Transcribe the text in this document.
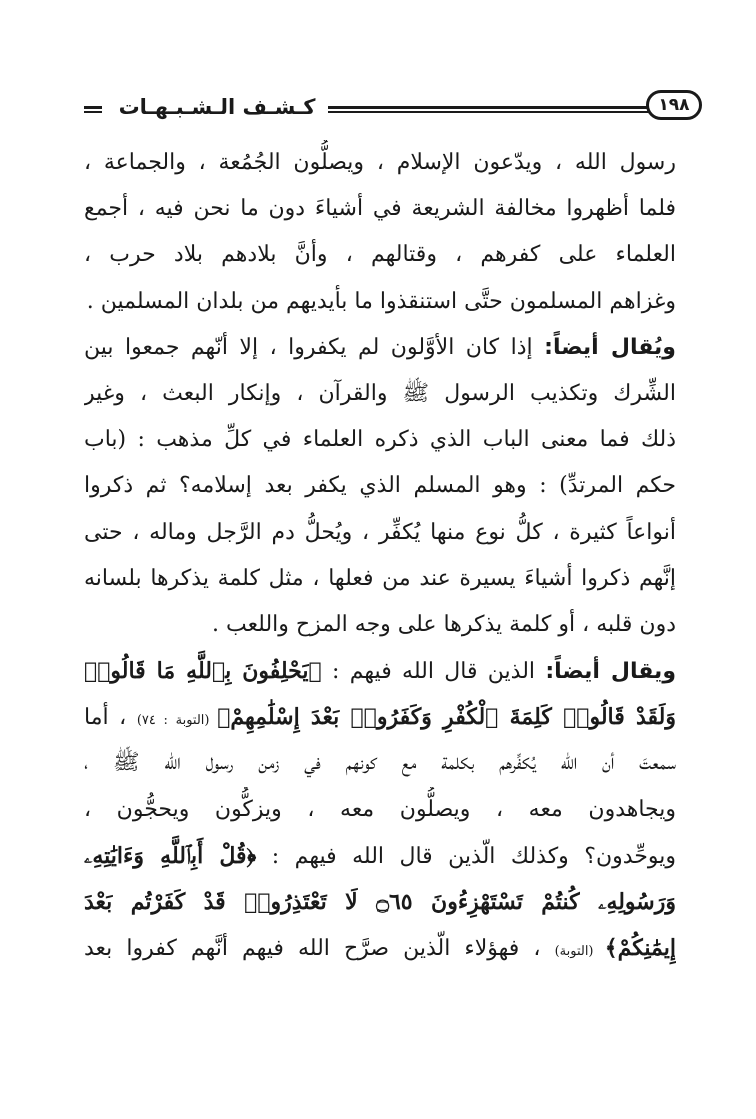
كـشـف الـشـبـهـات	١٩٨
رسول الله ، ويدّعون الإسلام ، ويصلُّون الجُمُعة ، والجماعة ،
فلما أظهروا مخالفة الشريعة في أشياءَ دون ما نحن فيه ، أجمع
العلماء على كفرهم ، وقتالهم ، وأنَّ بلادهم بلاد حرب ،
وغزاهم المسلمون حتَّى استنقذوا ما بأيديهم من بلدان المسلمين .
ويُقال أيضاً: إذا كان الأوَّلون لم يكفروا ، إلا أنّهم جمعوا بين
الشِّرك وتكذيب الرسول ﷺ والقرآن ، وإنكار البعث ، وغير
ذلك فما معنى الباب الذي ذكره العلماء في كلِّ مذهب : (باب
حكم المرتدِّ) : وهو المسلم الذي يكفر بعد إسلامه؟ ثم ذكروا
أنواعاً كثيرة ، كلُّ نوع منها يُكفِّر ، ويُحلُّ دم الرَّجل وماله ، حتى
إنَّهم ذكروا أشياءَ يسيرة عند من فعلها ، مثل كلمة يذكرها بلسانه
دون قلبه ، أو كلمة يذكرها على وجه المزح واللعب .
ويقال أيضاً: الذين قال الله فيهم : ﴿يَحْلِفُونَ بِٱللَّهِ مَا قَالُوا۟
وَلَقَدْ قَالُوا۟ كَلِمَةَ ٱلْكُفْرِ وَكَفَرُوا۟ بَعْدَ إِسْلَٰمِهِمْ﴾ (التوبة : ٧٤) ، أما
سمعتَ أن الله يُكفِّرهم بكلمة مع كونهم في زمن رسول الله ﷺ ،
ويجاهدون معه ، ويصلُّون معه ، ويزكُّون ويحجُّون ،
ويوحِّدون؟ وكذلك الّذين قال الله فيهم : ﴿قُلْ أَبِٱللَّهِ وَءَايَٰتِهِۦ
وَرَسُولِهِۦ كُنتُمْ تَسْتَهْزِءُونَ ۝٦٥ لَا تَعْتَذِرُوا۟ قَدْ كَفَرْتُم بَعْدَ
إِيمَٰنِكُمْ﴾ (التوبة) ، فهؤلاء الّذين صرَّح الله فيهم أنَّهم كفروا بعد
